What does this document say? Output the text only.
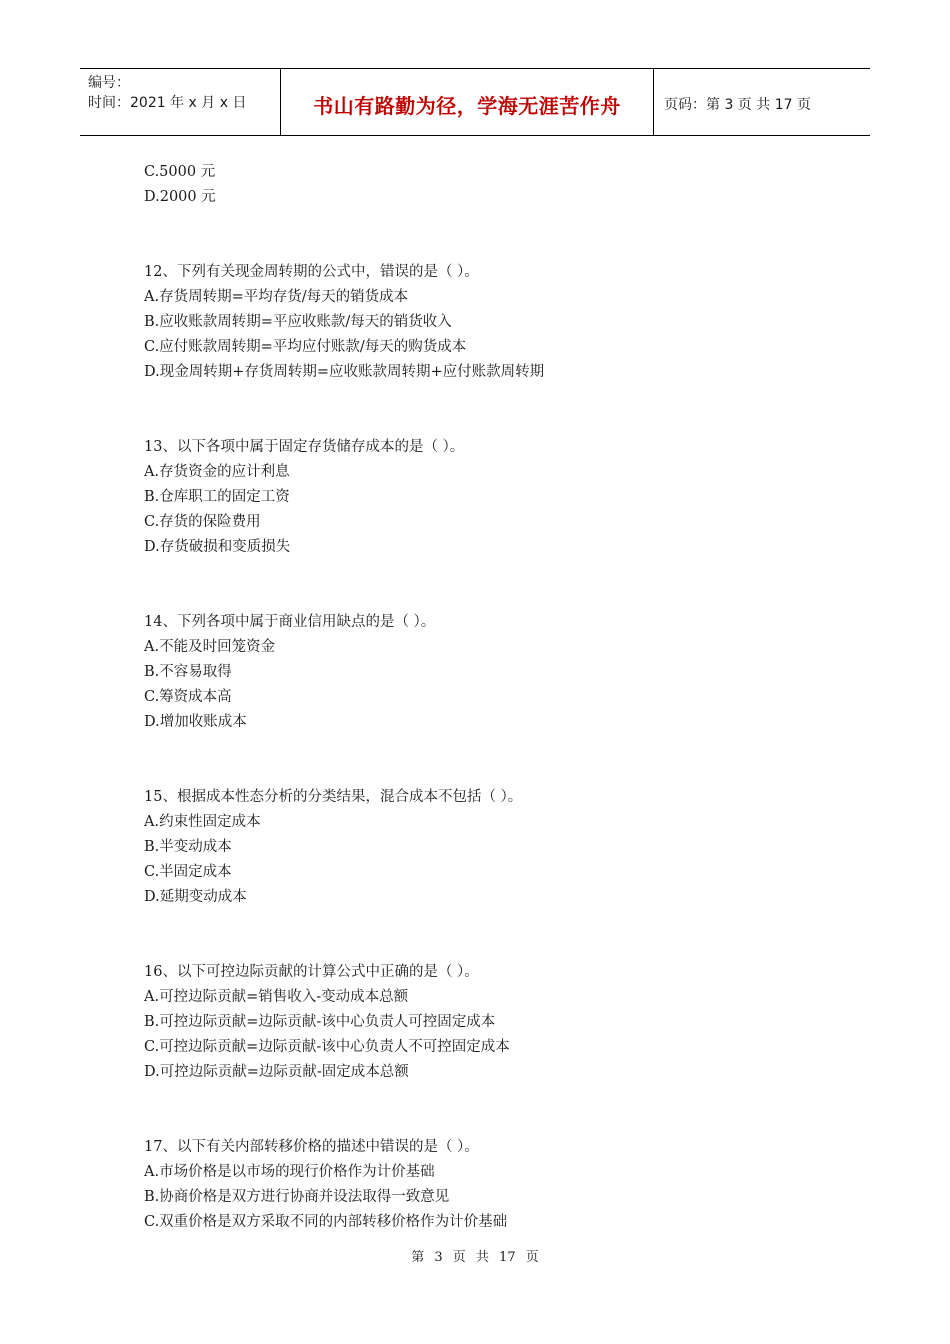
编号：
时间：2021 年 x 月 x 日	书山有路勤为径，学海无涯苦作舟	页码：第 3 页 共 17 页
C.5000 元
D.2000 元
12、下列有关现金周转期的公式中，错误的是（ ）。
A.存货周转期=平均存货/每天的销货成本
B.应收账款周转期=平应收账款/每天的销货收入
C.应付账款周转期=平均应付账款/每天的购货成本
D.现金周转期+存货周转期=应收账款周转期+应付账款周转期
13、以下各项中属于固定存货储存成本的是（ ）。
A.存货资金的应计利息
B.仓库职工的固定工资
C.存货的保险费用
D.存货破损和变质损失
14、下列各项中属于商业信用缺点的是（ ）。
A.不能及时回笼资金
B.不容易取得
C.筹资成本高
D.增加收账成本
15、根据成本性态分析的分类结果，混合成本不包括（ ）。
A.约束性固定成本
B.半变动成本
C.半固定成本
D.延期变动成本
16、以下可控边际贡献的计算公式中正确的是（ ）。
A.可控边际贡献=销售收入-变动成本总额
B.可控边际贡献=边际贡献-该中心负责人可控固定成本
C.可控边际贡献=边际贡献-该中心负责人不可控固定成本
D.可控边际贡献=边际贡献-固定成本总额
17、以下有关内部转移价格的描述中错误的是（ ）。
A.市场价格是以市场的现行价格作为计价基础
B.协商价格是双方进行协商并设法取得一致意见
C.双重价格是双方采取不同的内部转移价格作为计价基础
第 3 页 共 17 页
